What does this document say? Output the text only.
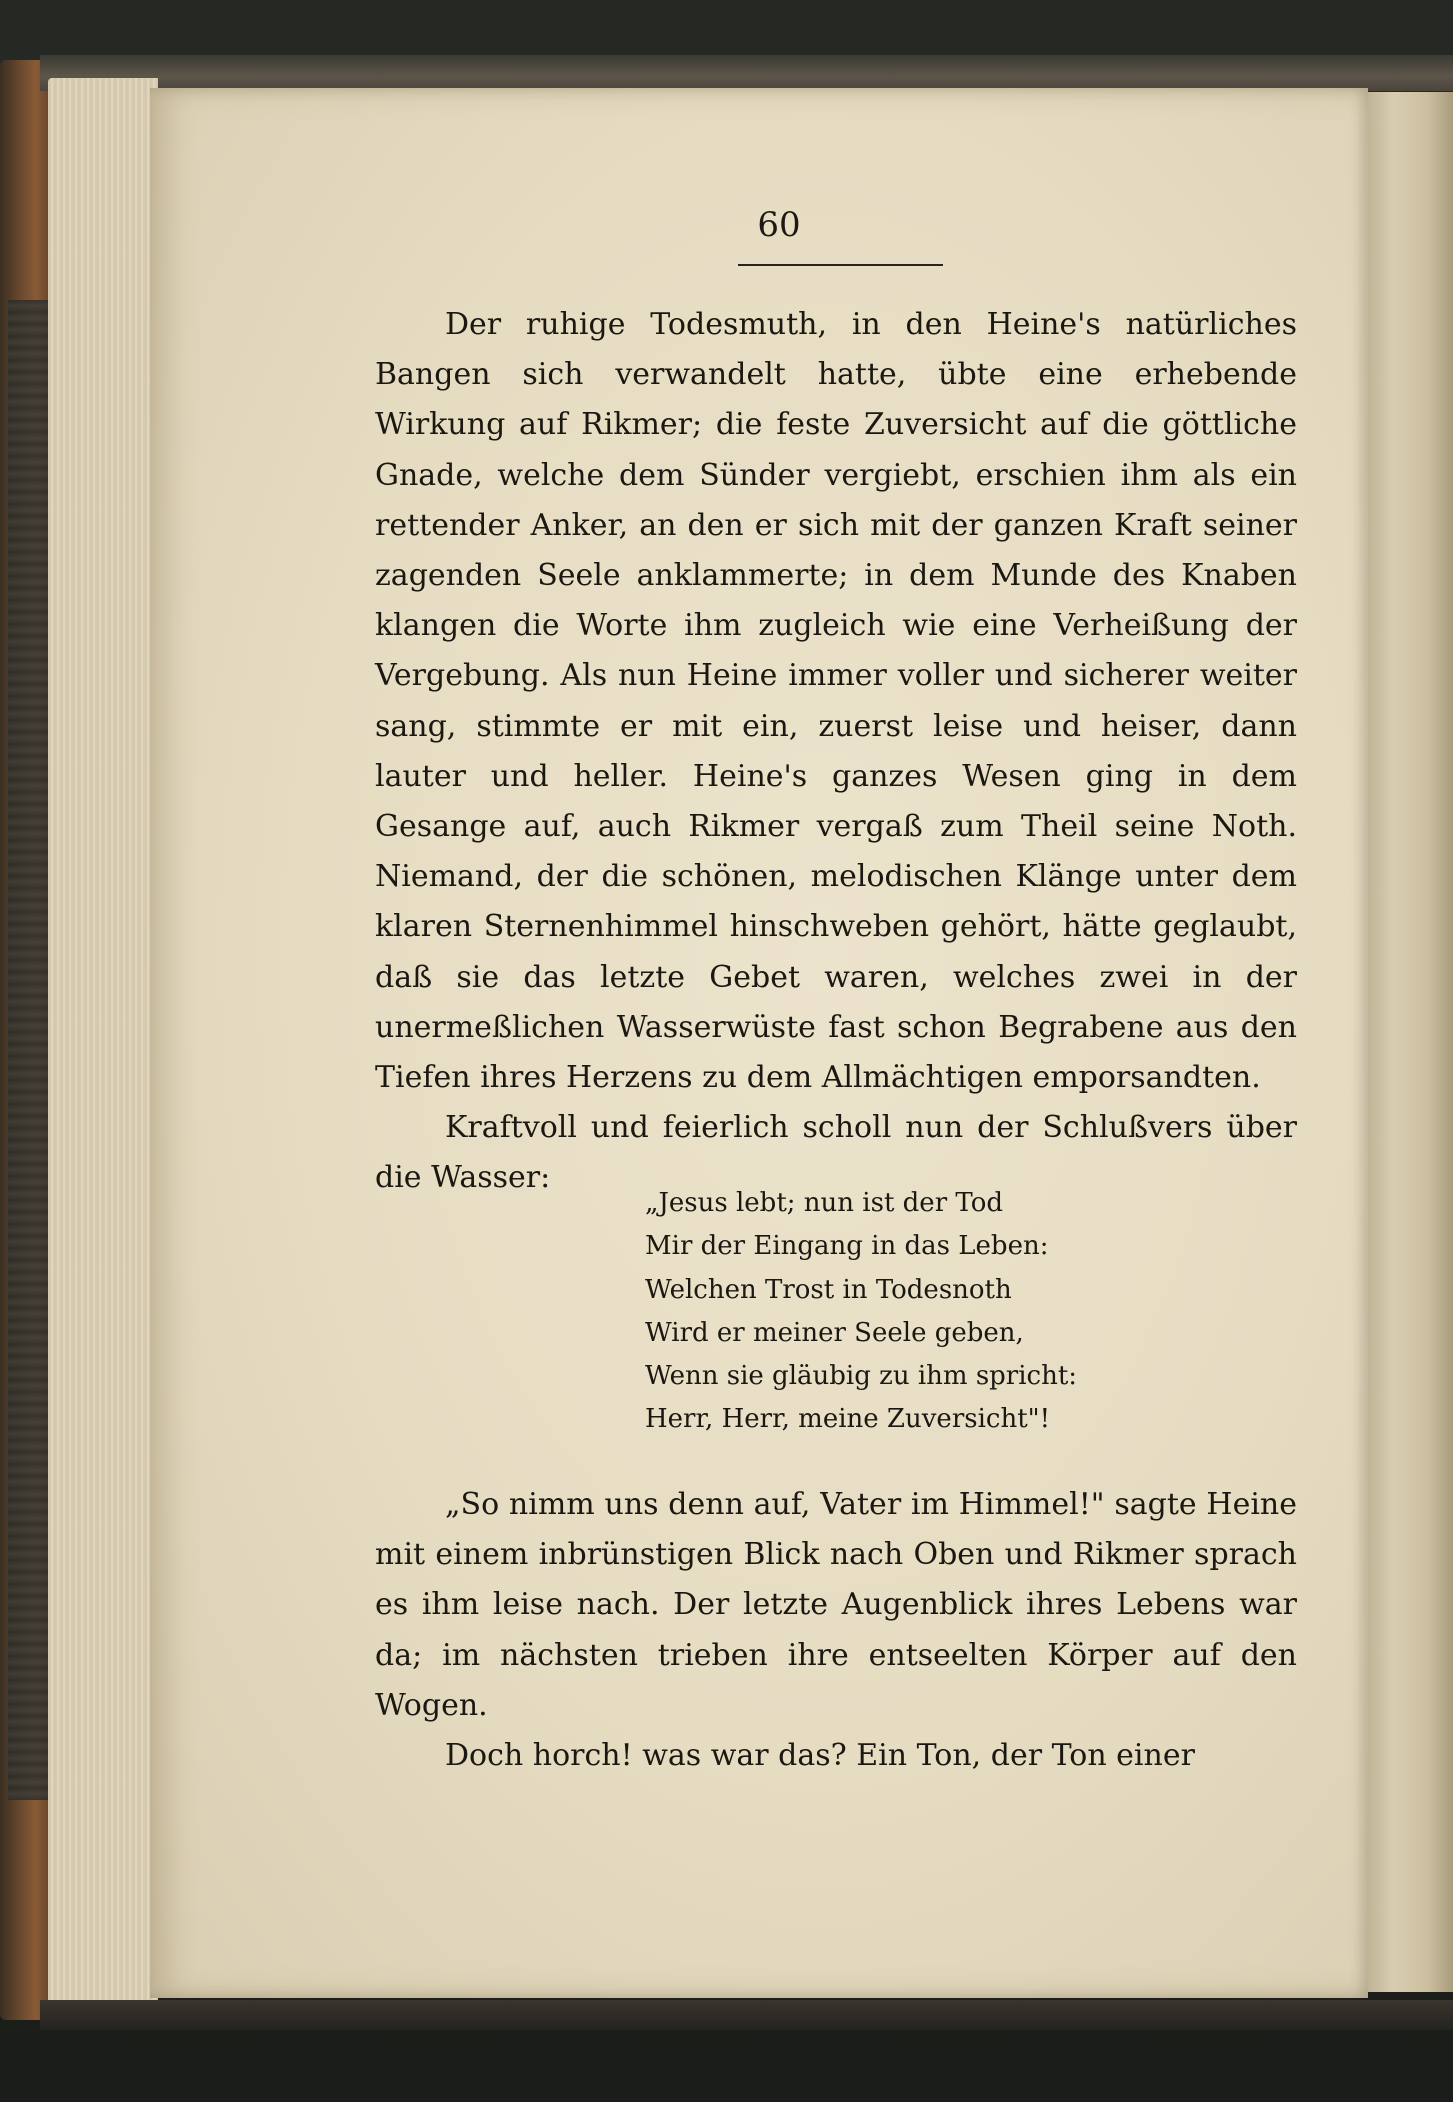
60

Der ruhige Todesmuth, in den Heine's natürliches Bangen sich verwandelt hatte, übte eine erhebende Wirkung auf Rikmer; die feste Zuversicht auf die göttliche Gnade, welche dem Sünder vergiebt, erschien ihm als ein rettender Anker, an den er sich mit der ganzen Kraft seiner zagenden Seele anklammerte; in dem Munde des Knaben klangen die Worte ihm zugleich wie eine Verheißung der Vergebung. Als nun Heine immer voller und sicherer weiter sang, stimmte er mit ein, zuerst leise und heiser, dann lauter und heller. Heine's ganzes Wesen ging in dem Gesange auf, auch Rikmer vergaß zum Theil seine Noth. Niemand, der die schönen, melodischen Klänge unter dem klaren Sternenhimmel hinschweben gehört, hätte geglaubt, daß sie das letzte Gebet waren, welches zwei in der unermeßlichen Wasserwüste fast schon Begrabene aus den Tiefen ihres Herzens zu dem Allmächtigen emporsandten.

Kraftvoll und feierlich scholl nun der Schlußvers über die Wasser:

„Jesus lebt; nun ist der Tod
Mir der Eingang in das Leben:
Welchen Trost in Todesnoth
Wird er meiner Seele geben,
Wenn sie gläubig zu ihm spricht:
Herr, Herr, meine Zuversicht"!

„So nimm uns denn auf, Vater im Himmel!" sagte Heine mit einem inbrünstigen Blick nach Oben und Rikmer sprach es ihm leise nach. Der letzte Augenblick ihres Lebens war da; im nächsten trieben ihre entseelten Körper auf den Wogen.

Doch horch! was war das? Ein Ton, der Ton einer
